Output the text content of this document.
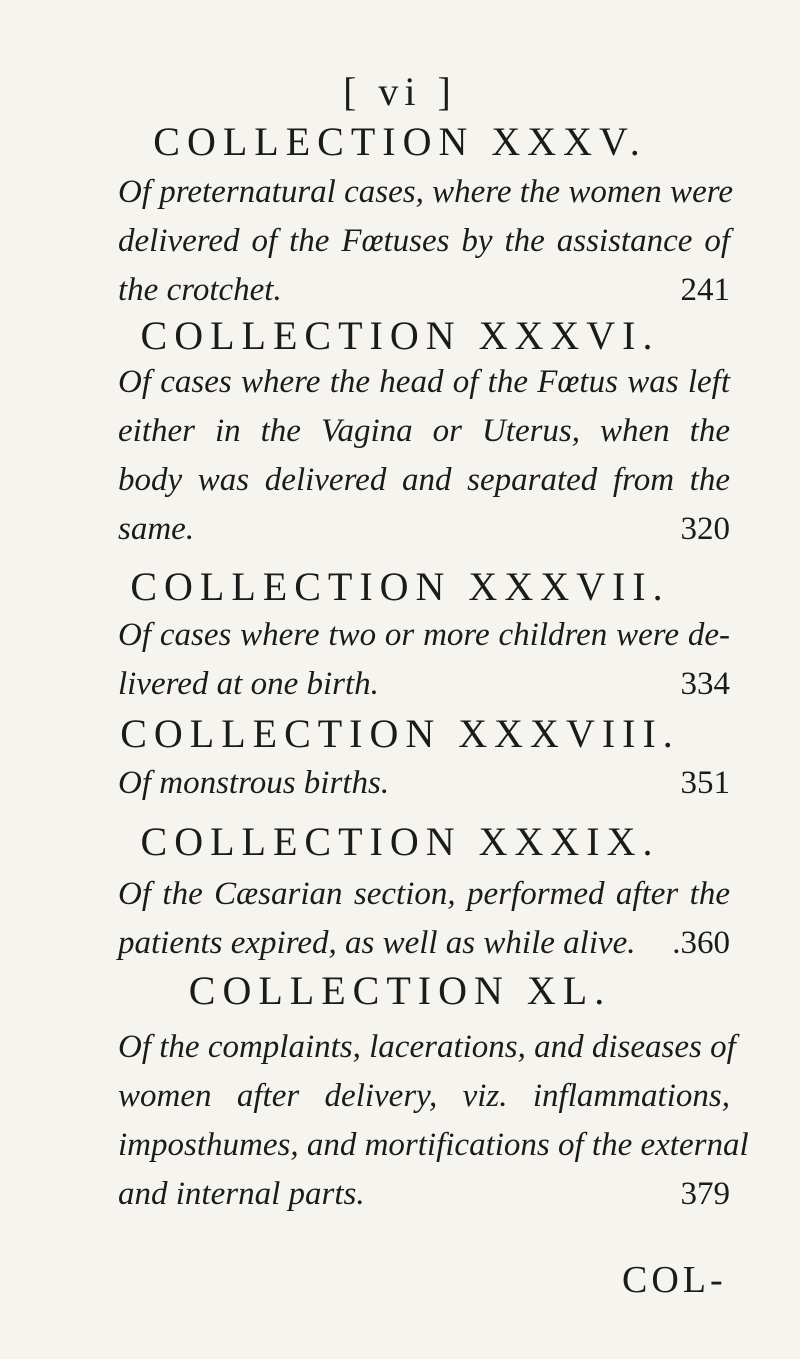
[ vi ]
COLLECTION XXXV.
Of preternatural cases, where the women were
delivered of the Fœtuses by the assistance of
the crotchet.	241
COLLECTION XXXVI.
Of cases where the head of the Fœtus was left
either in the Vagina or Uterus, when the
body was delivered and separated from the
same.	320
COLLECTION XXXVII.
Of cases where two or more children were de-
livered at one birth.	334
COLLECTION XXXVIII.
Of monstrous births.	351
COLLECTION XXXIX.
Of the Cæsarian section, performed after the
patients expired, as well as while alive. .360
COLLECTION XL.
Of the complaints, lacerations, and diseases of
women after delivery, viz. inflammations,
imposthumes, and mortifications of the external
and internal parts.	379
COL-
